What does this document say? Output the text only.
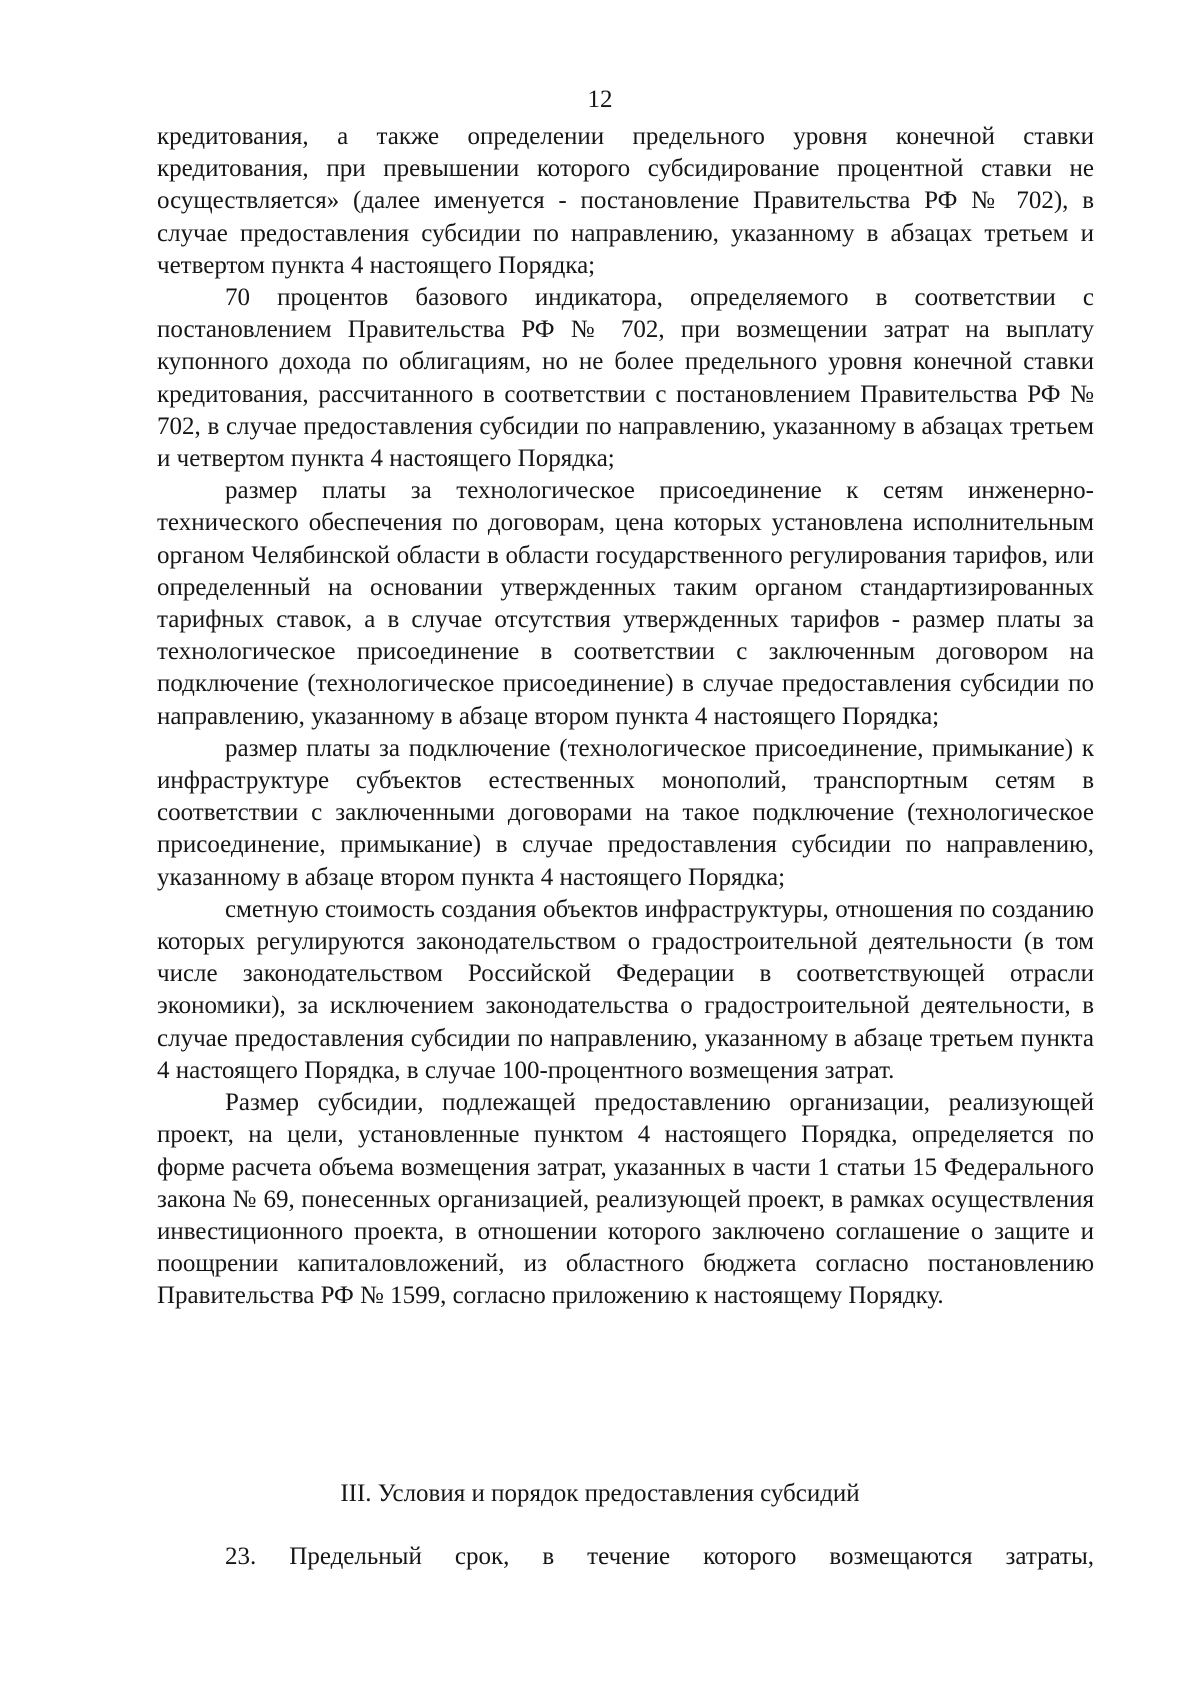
12

кредитования, а также определении предельного уровня конечной ставки кредитования, при превышении которого субсидирование процентной ставки не осуществляется» (далее именуется - постановление Правительства РФ № 702), в случае предоставления субсидии по направлению, указанному в абзацах третьем и четвертом пункта 4 настоящего Порядка;

70 процентов базового индикатора, определяемого в соответствии с постановлением Правительства РФ № 702, при возмещении затрат на выплату купонного дохода по облигациям, но не более предельного уровня конечной ставки кредитования, рассчитанного в соответствии с постановлением Правительства РФ № 702, в случае предоставления субсидии по направлению, указанному в абзацах третьем и четвертом пункта 4 настоящего Порядка;

размер платы за технологическое присоединение к сетям инженерно-технического обеспечения по договорам, цена которых установлена исполнительным органом Челябинской области в области государственного регулирования тарифов, или определенный на основании утвержденных таким органом стандартизированных тарифных ставок, а в случае отсутствия утвержденных тарифов - размер платы за технологическое присоединение в соответствии с заключенным договором на подключение (технологическое присоединение) в случае предоставления субсидии по направлению, указанному в абзаце втором пункта 4 настоящего Порядка;

размер платы за подключение (технологическое присоединение, примыкание) к инфраструктуре субъектов естественных монополий, транспортным сетям в соответствии с заключенными договорами на такое подключение (технологическое присоединение, примыкание) в случае предоставления субсидии по направлению, указанному в абзаце втором пункта 4 настоящего Порядка;

сметную стоимость создания объектов инфраструктуры, отношения по созданию которых регулируются законодательством о градостроительной деятельности (в том числе законодательством Российской Федерации в соответствующей отрасли экономики), за исключением законодательства о градостроительной деятельности, в случае предоставления субсидии по направлению, указанному в абзаце третьем пункта 4 настоящего Порядка, в случае 100-процентного возмещения затрат.

Размер субсидии, подлежащей предоставлению организации, реализующей проект, на цели, установленные пунктом 4 настоящего Порядка, определяется по форме расчета объема возмещения затрат, указанных в части 1 статьи 15 Федерального закона № 69, понесенных организацией, реализующей проект, в рамках осуществления инвестиционного проекта, в отношении которого заключено соглашение о защите и поощрении капиталовложений, из областного бюджета согласно постановлению Правительства РФ № 1599, согласно приложению к настоящему Порядку.

III. Условия и порядок предоставления субсидий
23. Предельный срок, в течение которого возмещаются затраты,
